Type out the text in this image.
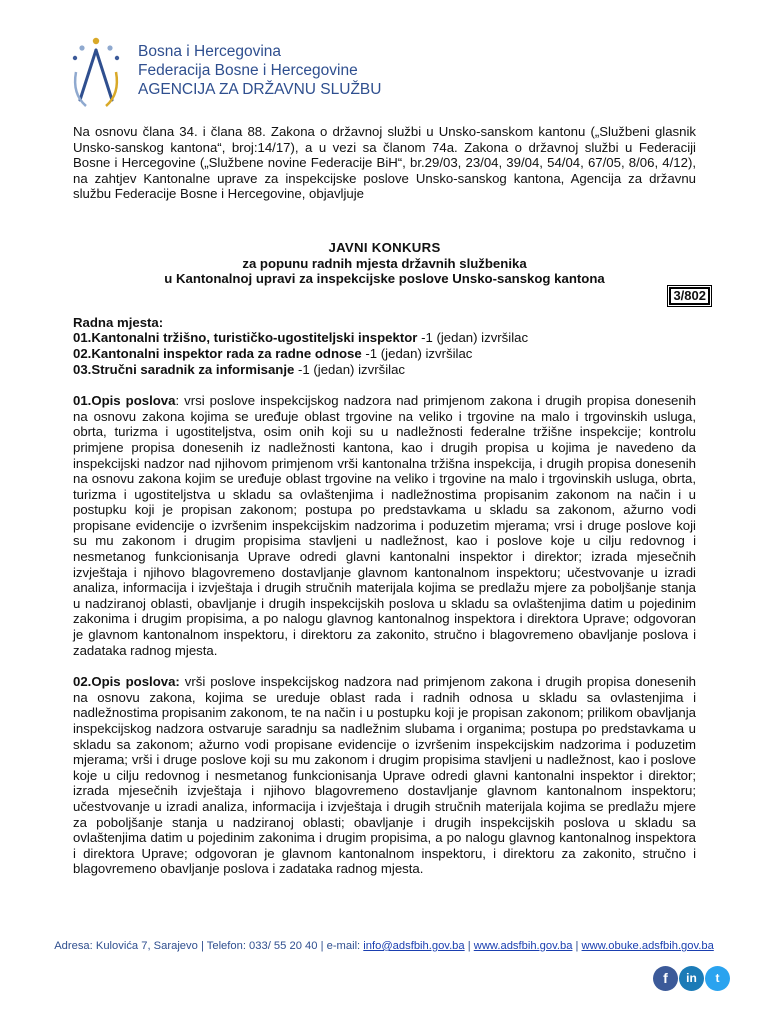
Bosna i Hercegovina
Federacija Bosne i Hercegovine
AGENCIJA ZA DRŽAVNU SLUŽBU

Na osnovu člana 34. i člana 88. Zakona o državnoj službi u Unsko-sanskom kantonu („Službeni glasnik Unsko-sanskog kantona“, broj:14/17), a u vezi sa članom 74a. Zakona o državnoj službi u Federaciji Bosne i Hercegovine („Službene novine Federacije BiH“, br.29/03, 23/04, 39/04, 54/04, 67/05, 8/06, 4/12), na zahtjev Kantonalne uprave za inspekcijske poslove Unsko-sanskog kantona, Agencija za državnu službu Federacije Bosne i Hercegovine, objavljuje

JAVNI KONKURS
za popunu radnih mjesta državnih službenika
u Kantonalnoj upravi za inspekcijske poslove Unsko-sanskog kantona
3/802
Radna mjesta:
01.Kantonalni tržišno, turističko-ugostiteljski inspektor -1 (jedan) izvršilac
02.Kantonalni inspektor rada za radne odnose -1 (jedan) izvršilac
03.Stručni saradnik za informisanje -1 (jedan) izvršilac
01.Opis poslova: vrsi poslove inspekcijskog nadzora nad primjenom zakona i drugih propisa donesenih na osnovu zakona kojima se uređuje oblast trgovine na veliko i trgovine na malo i trgovinskih usluga, obrta, turizma i ugostiteljstva, osim onih koji su u nadležnosti federalne tržišne inspekcije; kontrolu primjene propisa donesenih iz nadležnosti kantona, kao i drugih propisa u kojima je navedeno da inspekcijski nadzor nad njihovom primjenom vrši kantonalna tržišna inspekcija, i drugih propisa donesenih na osnovu zakona kojim se uređuje oblast trgovine na veliko i trgovine na malo i trgovinskih usluga, obrta, turizma i ugostiteljstva u skladu sa ovlaštenjima i nadležnostima propisanim zakonom na način i u postupku koji je propisan zakonom; postupa po predstavkama u skladu sa zakonom, ažurno vodi propisane evidencije o izvršenim inspekcijskim nadzorima i poduzetim mjerama; vrsi i druge poslove koji su mu zakonom i drugim propisima stavljeni u nadležnost, kao i poslove koje u cilju redovnog i nesmetanog funkcionisanja Uprave odredi glavni kantonalni inspektor i direktor; izrada mjesečnih izvještaja i njihovo blagovremeno dostavljanje glavnom kantonalnom inspektoru; učestvovanje u izradi analiza, informacija i izvještaja i drugih stručnih materijala kojima se predlažu mjere za poboljšanje stanja u nadziranoj oblasti, obavljanje i drugih inspekcijskih poslova u skladu sa ovlaštenjima datim u pojedinim zakonima i drugim propisima, a po nalogu glavnog kantonalnog inspektora i direktora Uprave; odgovoran je glavnom kantonalnom inspektoru, i direktoru za zakonito, stručno i blagovremeno obavljanje poslova i zadataka radnog mjesta.
02.Opis poslova: vrši poslove inspekcijskog nadzora nad primjenom zakona i drugih propisa donesenih na osnovu zakona, kojima se ureduje oblast rada i radnih odnosa u skladu sa ovlastenjima i nadležnostima propisanim zakonom, te na način i u postupku koji je propisan zakonom; prilikom obavljanja inspekcijskog nadzora ostvaruje saradnju sa nadležnim slubama i organima; postupa po predstavkama u skladu sa zakonom; ažurno vodi propisane evidencije o izvršenim inspekcijskim nadzorima i poduzetim mjerama; vrši i druge poslove koji su mu zakonom i drugim propisima stavljeni u nadležnost, kao i poslove koje u cilju redovnog i nesmetanog funkcionisanja Uprave odredi glavni kantonalni inspektor i direktor; izrada mjesečnih izvještaja i njihovo blagovremeno dostavljanje glavnom kantonalnom inspektoru; učestvovanje u izradi analiza, informacija i izvještaja i drugih stručnih materijala kojima se predlažu mjere za poboljšanje stanja u nadziranoj oblasti; obavljanje i drugih inspekcijskih poslova u skladu sa ovlaštenjima datim u pojedinim zakonima i drugim propisima, a po nalogu glavnog kantonalnog inspektora i direktora Uprave; odgovoran je glavnom kantonalnom inspektoru, i direktoru za zakonito, stručno i blagovremeno obavljanje poslova i zadataka radnog mjesta.
Adresa: Kulovića 7, Sarajevo | Telefon: 033/ 55 20 40 | e-mail: info@adsfbih.gov.ba | www.adsfbih.gov.ba | www.obuke.adsfbih.gov.ba
f	in	t
